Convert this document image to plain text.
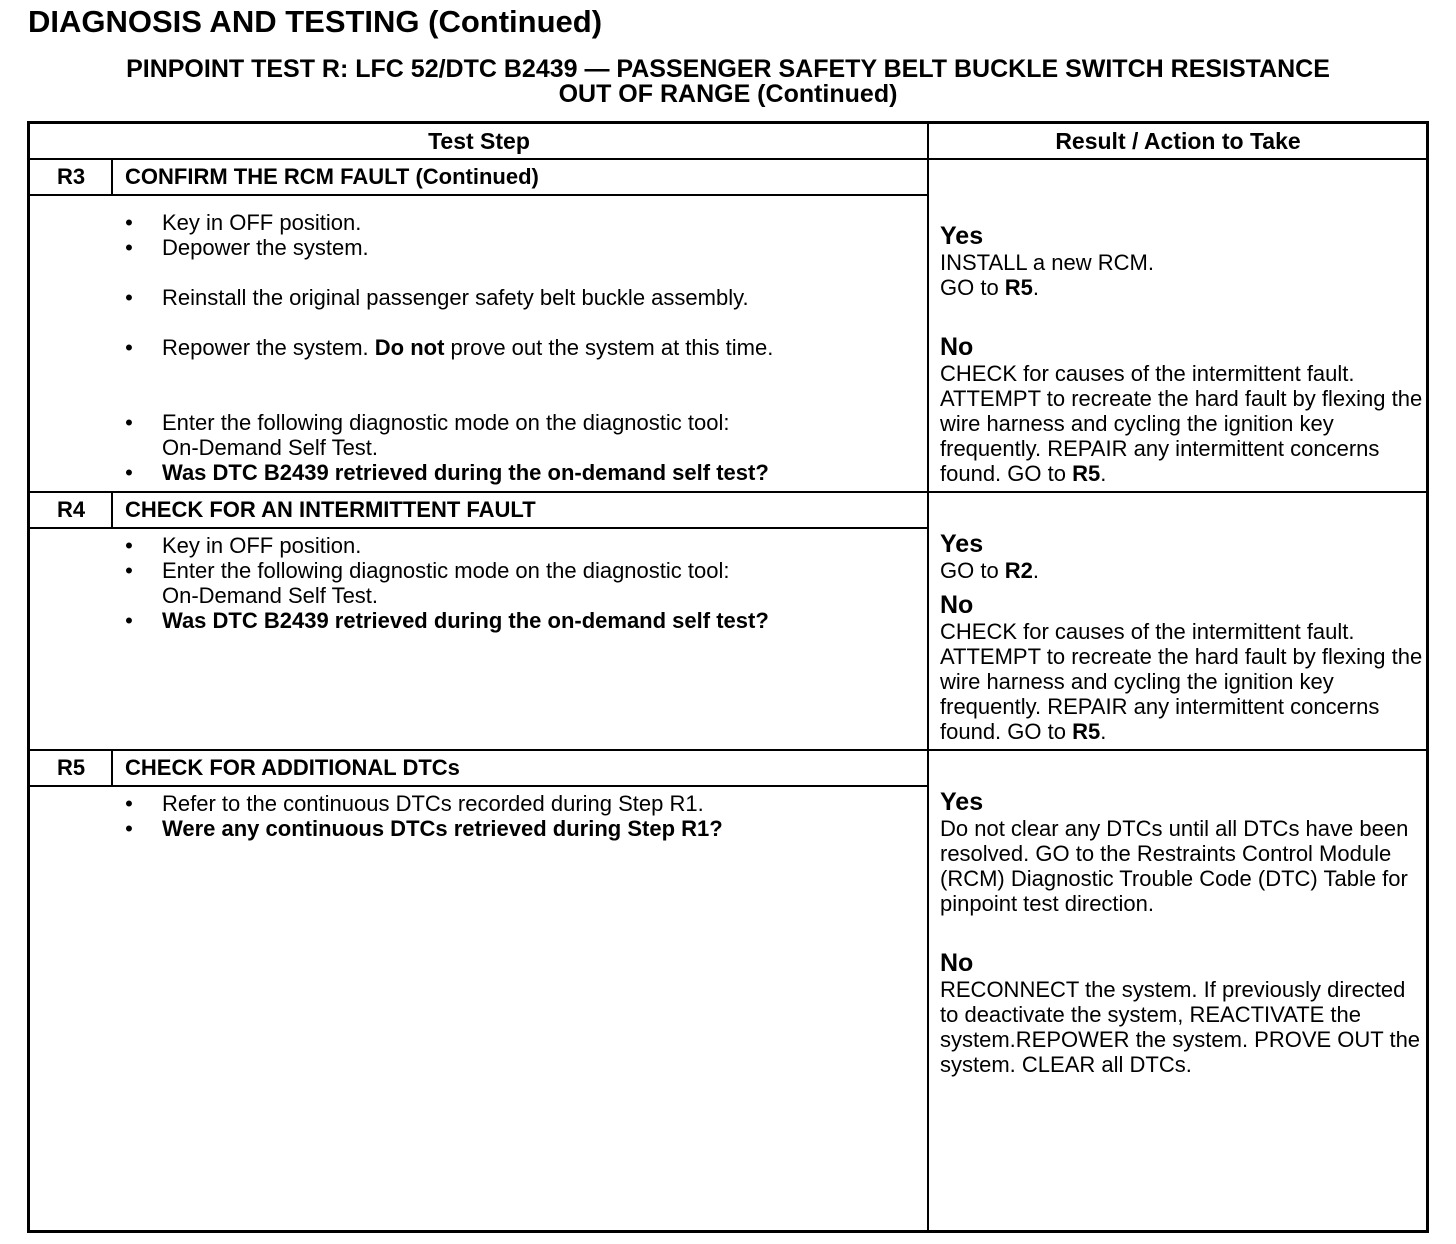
DIAGNOSIS AND TESTING (Continued)
PINPOINT TEST R: LFC 52/DTC B2439 — PASSENGER SAFETY BELT BUCKLE SWITCH RESISTANCE
OUT OF RANGE (Continued)
Test Step	Result / Action to Take
R3	CONFIRM THE RCM FAULT (Continued)
• Key in OFF position.
• Depower the system.
• Reinstall the original passenger safety belt buckle assembly.
• Repower the system. Do not prove out the system at this time.
• Enter the following diagnostic mode on the diagnostic tool:
On-Demand Self Test.
• Was DTC B2439 retrieved during the on-demand self test?
Yes
INSTALL a new RCM.
GO to R5.
No
CHECK for causes of the intermittent fault. ATTEMPT to recreate the hard fault by flexing the wire harness and cycling the ignition key frequently. REPAIR any intermittent concerns found. GO to R5.
R4	CHECK FOR AN INTERMITTENT FAULT
• Key in OFF position.
• Enter the following diagnostic mode on the diagnostic tool:
On-Demand Self Test.
• Was DTC B2439 retrieved during the on-demand self test?
Yes
GO to R2.
No
CHECK for causes of the intermittent fault. ATTEMPT to recreate the hard fault by flexing the wire harness and cycling the ignition key frequently. REPAIR any intermittent concerns found. GO to R5.
R5	CHECK FOR ADDITIONAL DTCs
• Refer to the continuous DTCs recorded during Step R1.
• Were any continuous DTCs retrieved during Step R1?
Yes
Do not clear any DTCs until all DTCs have been resolved. GO to the Restraints Control Module (RCM) Diagnostic Trouble Code (DTC) Table for pinpoint test direction.
No
RECONNECT the system. If previously directed to deactivate the system, REACTIVATE the system.REPOWER the system. PROVE OUT the system. CLEAR all DTCs.
